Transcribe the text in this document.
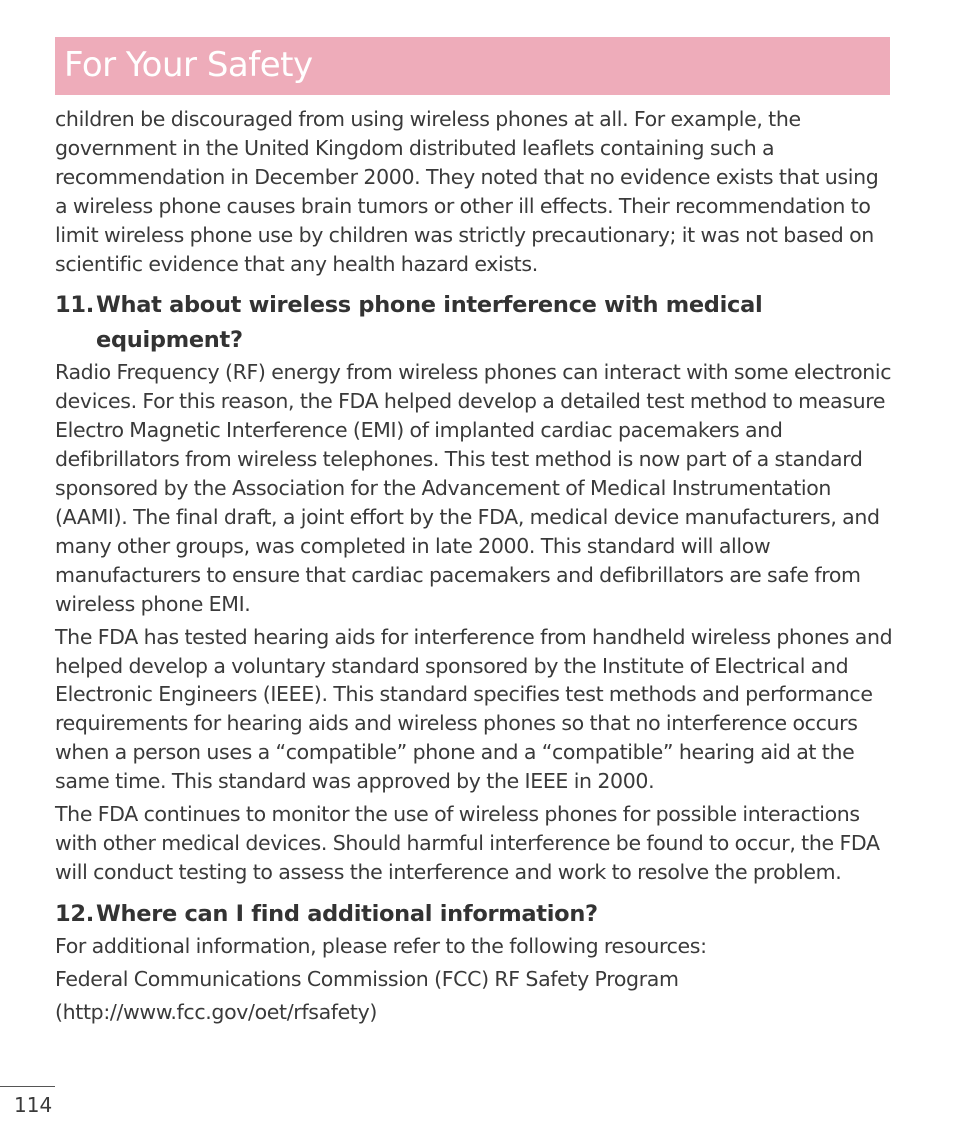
For Your Safety

children be discouraged from using wireless phones at all. For example, the government in the United Kingdom distributed leaflets containing such a recommendation in December 2000. They noted that no evidence exists that using a wireless phone causes brain tumors or other ill effects. Their recommendation to limit wireless phone use by children was strictly precautionary; it was not based on scientific evidence that any health hazard exists.

11. What about wireless phone interference with medical equipment?

Radio Frequency (RF) energy from wireless phones can interact with some electronic devices. For this reason, the FDA helped develop a detailed test method to measure Electro Magnetic Interference (EMI) of implanted cardiac pacemakers and defibrillators from wireless telephones. This test method is now part of a standard sponsored by the Association for the Advancement of Medical Instrumentation (AAMI). The final draft, a joint effort by the FDA, medical device manufacturers, and many other groups, was completed in late 2000. This standard will allow manufacturers to ensure that cardiac pacemakers and defibrillators are safe from wireless phone EMI.

The FDA has tested hearing aids for interference from handheld wireless phones and helped develop a voluntary standard sponsored by the Institute of Electrical and Electronic Engineers (IEEE). This standard specifies test methods and performance requirements for hearing aids and wireless phones so that no interference occurs when a person uses a “compatible” phone and a “compatible” hearing aid at the same time. This standard was approved by the IEEE in 2000.

The FDA continues to monitor the use of wireless phones for possible interactions with other medical devices. Should harmful interference be found to occur, the FDA will conduct testing to assess the interference and work to resolve the problem.

12. Where can I find additional information?

For additional information, please refer to the following resources:

Federal Communications Commission (FCC) RF Safety Program

(http://www.fcc.gov/oet/rfsafety)

114
